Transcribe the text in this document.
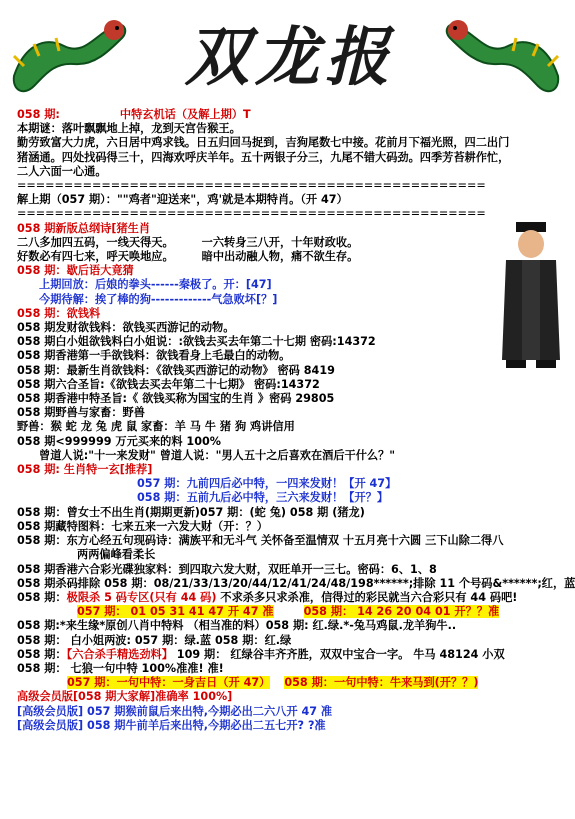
双龙报
058 期:	中特玄机话（及解上期）T
本期谜：落叶飘飘地上掉，龙到天宫告猴王。
勤劳致富大力虎，六日居中鸡求钱。日五归回马捉到，吉狗尾数七中接。花前月下福光照，四二出门
猪涵通。四处找码得三十，四海欢呼庆羊年。五十两银子分三，九尾不错大码劲。四季芳苔耕作忙，
二人六面一心通。
==================================================
解上期（057 期）：""鸡者"迎送来"，鸡'就是本期特肖。（开 47）
==================================================
058 期新版总纲诗[猪生肖
二八多加四五码，一线天得天。	一六转身三八开，十年财政收。
好数必有四七来，呼天唤地应。	暗中出动融人物，痛不欲生存。
058 期：歇后语大竟猜
上期回放：后娘的拳头------秦极了。开：[47]
今期待解：挨了棒的狗-------------气急败坏[？]
058 期：欲钱料
058 期发财欲钱料：欲钱买西游记的动物。
058 期白小姐欲钱料白小姐说：:欲钱去买去年第二十七期 密码:14372
058 期香港第一手欲钱料：欲钱看身上毛最白的动物。
058 期：最新生肖欲钱料：《欲钱买西游记的动物》 密码 8419
058 期六合圣旨:《欲钱去买去年第二十七期》 密码:14372
058 期香港中特圣旨:《 欲钱买称为国宝的生肖 》密码 29805
058 期野兽与家畜：野兽
野兽：猴 蛇 龙 兔 虎 鼠 家畜：羊 马 牛 猪 狗 鸡讲信用
058 期<999999 万元买来的料 100%
曾道人说:"十一来发财" 曾道人说："男人五十之后喜欢在酒后干什么？"
058 期: 生肖特一玄[推荐]
057 期：九前四后必中特，一四来发财！【开 47】
058 期：五前九后必中特，三六来发财！【开？】
058 期：曾女士不出生肖(期期更新)057 期：(蛇 兔) 058 期 (猪龙)
058 期藏特图料：七来五来一六发大财（开：？）
058 期：东方心经五句现码诗：满族平和无斗气 关怀备至温情双 十五月亮十六圆 三下山除二得八
两两偏峰看柔长
058 期香港六合彩光碟独家料：到四取六发大财，双旺单开一三七。密码：6、1、8
058 期杀码排除 058 期：08/21/33/13/20/44/12/41/24/48/198******;排除 11 个号码&******;红，蓝
058 期：极限杀 5 码专区(只有 44 码) 不求杀多只求杀准，信得过的彩民就当六合彩只有 44 码吧!
057 期： 01 05 31 41 47 开 47 准	058 期： 14 26 20 04 01 开？？准
058 期:*来生缘*原创八肖中特料 （相当准的料）058 期: 红.绿.*-兔马鸡鼠.龙羊狗牛..
058 期： 白小姐两波: 057 期：绿.蓝 058 期：红.绿
058 期：【六合杀手精选劲料】 109 期： 红绿谷丰齐齐胜，双双中宝合一字。 牛马 48124 小双
058 期： 七狼一句中特 100%准准! 准!
057 期：一句中特：一身吉日（开 47） 058 期：一句中特：牛来马到(开？？)
高级会员版[058 期大家解]准确率 100%]
[高级会员版] 057 期猴前鼠后来出特,今期必出二六八开 47 准
[高级会员版] 058 期牛前羊后来出特,今期必出二五七开? ?准
